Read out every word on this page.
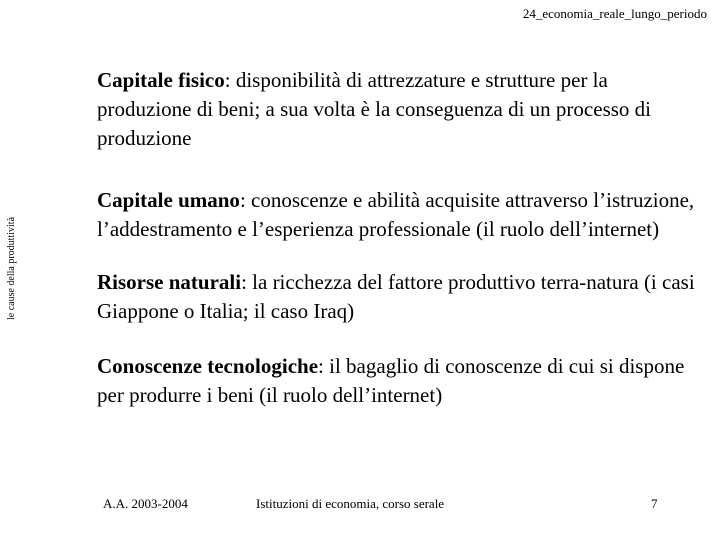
24_economia_reale_lungo_periodo
le cause della produttività

Capitale fisico: disponibilità di attrezzature e strutture per la produzione di beni; a sua volta è la conseguenza di un processo di produzione

Capitale umano: conoscenze e abilità acquisite attraverso l’istruzione, l’addestramento e l’esperienza professionale (il ruolo dell’internet)

Risorse naturali: la ricchezza del fattore produttivo terra-natura (i casi Giappone o Italia; il caso Iraq)

Conoscenze tecnologiche: il bagaglio di conoscenze di cui si dispone per produrre i beni (il ruolo dell’internet)

A.A. 2003-2004	Istituzioni di economia, corso serale	7
